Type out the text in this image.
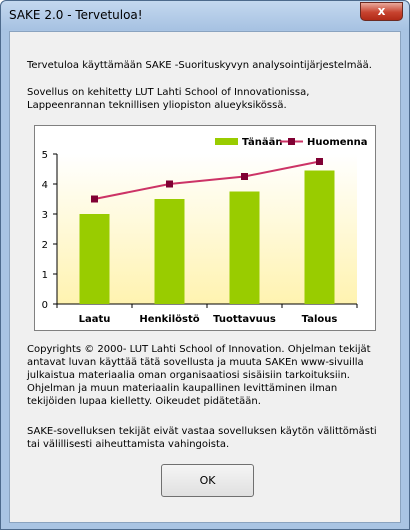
SAKE 2.0 - Tervetuloa!	x

Tervetuloa käyttämään SAKE -Suorituskyvyn analysointijärjestelmää.

Sovellus on kehitetty LUT Lahti School of Innovationissa, Lappeenrannan teknillisen yliopiston alueyksikössä.

0
1
2
3
4
5
Laatu	Henkilöstö Tuottavuus	Talous
Tänään Huomenna

Copyrights © 2000- LUT Lahti School of Innovation. Ohjelman tekijät antavat luvan käyttää tätä sovellusta ja muuta SAKEn www-sivuilla julkaistua materiaalia oman organisaatiosi sisäisiin tarkoituksiin. Ohjelman ja muun materiaalin kaupallinen levittäminen ilman tekijöiden lupaa kielletty. Oikeudet pidätetään.

SAKE-sovelluksen tekijät eivät vastaa sovelluksen käytön välittömästi tai välillisesti aiheuttamista vahingoista.

OK
